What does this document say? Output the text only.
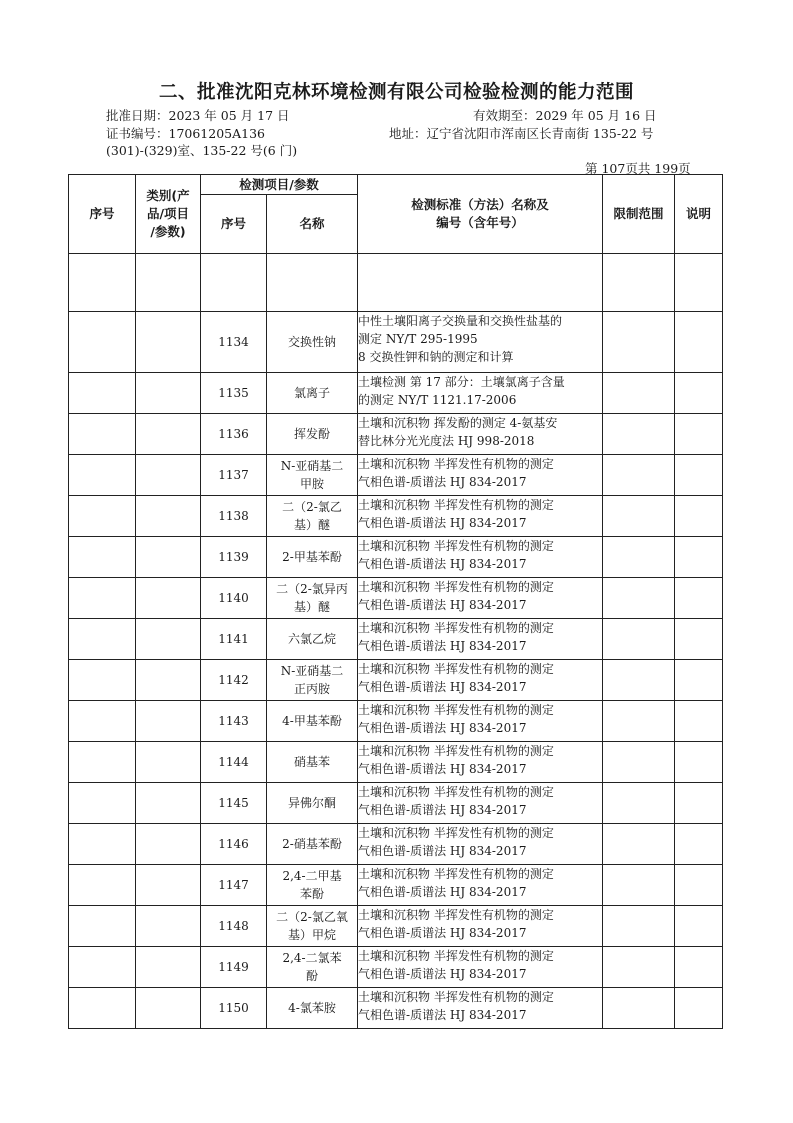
二、批准沈阳克林环境检测有限公司检验检测的能力范围
批准日期：2023 年 05 月 17 日	有效期至：2029 年 05 月 16 日
证书编号：17061205A136	地址：辽宁省沈阳市浑南区长青南街 135-22 号
(301)-(329)室、135-22 号(6 门)
第 107页共 199页
序号	类别(产
品/项目
/参数)	检测项目/参数		检测标准（方法）名称及
编号（含年号）	限制范围	说明
		序号	名称			

		1134	交换性钠	中性土壤阳离子交换量和交换性盐基的
测定 NY/T 295-1995
8 交换性钾和钠的测定和计算		

		1135	氯离子	土壤检测 第 17 部分：土壤氯离子含量
的测定 NY/T 1121.17-2006		

		1136	挥发酚	土壤和沉积物 挥发酚的测定 4-氨基安
替比林分光光度法 HJ 998-2018		

		1137	N-亚硝基二
甲胺	土壤和沉积物 半挥发性有机物的测定
气相色谱-质谱法 HJ 834-2017		

		1138	二（2-氯乙
基）醚	土壤和沉积物 半挥发性有机物的测定
气相色谱-质谱法 HJ 834-2017		

		1139	2-甲基苯酚	土壤和沉积物 半挥发性有机物的测定
气相色谱-质谱法 HJ 834-2017		

		1140	二（2-氯异丙
基）醚	土壤和沉积物 半挥发性有机物的测定
气相色谱-质谱法 HJ 834-2017		

		1141	六氯乙烷	土壤和沉积物 半挥发性有机物的测定
气相色谱-质谱法 HJ 834-2017		

		1142	N-亚硝基二
正丙胺	土壤和沉积物 半挥发性有机物的测定
气相色谱-质谱法 HJ 834-2017		

		1143	4-甲基苯酚	土壤和沉积物 半挥发性有机物的测定
气相色谱-质谱法 HJ 834-2017		

		1144	硝基苯	土壤和沉积物 半挥发性有机物的测定
气相色谱-质谱法 HJ 834-2017		

		1145	异佛尔酮	土壤和沉积物 半挥发性有机物的测定
气相色谱-质谱法 HJ 834-2017		

		1146	2-硝基苯酚	土壤和沉积物 半挥发性有机物的测定
气相色谱-质谱法 HJ 834-2017		

		1147	2,4-二甲基
苯酚	土壤和沉积物 半挥发性有机物的测定
气相色谱-质谱法 HJ 834-2017		

		1148	二（2-氯乙氧
基）甲烷	土壤和沉积物 半挥发性有机物的测定
气相色谱-质谱法 HJ 834-2017		

		1149	2,4-二氯苯
酚	土壤和沉积物 半挥发性有机物的测定
气相色谱-质谱法 HJ 834-2017		

		1150	4-氯苯胺	土壤和沉积物 半挥发性有机物的测定
气相色谱-质谱法 HJ 834-2017		
